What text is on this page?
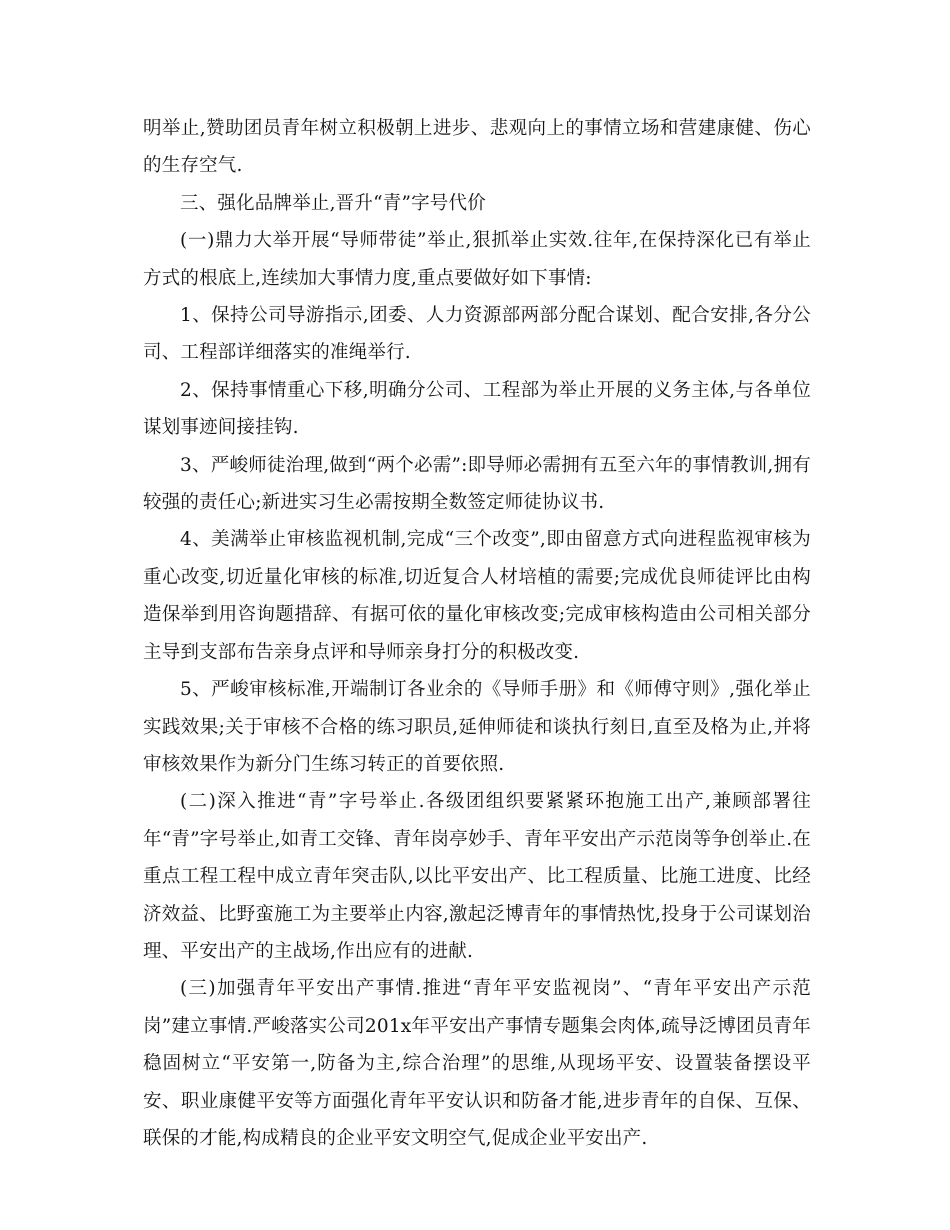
明举止,赞助团员青年树立积极朝上进步、悲观向上的事情立场和营建康健、伤心的生存空气.

三、强化品牌举止,晋升“青”字号代价

(一)鼎力大举开展“导师带徒”举止,狠抓举止实效.往年,在保持深化已有举止方式的根底上,连续加大事情力度,重点要做好如下事情:

1、保持公司导游指示,团委、人力资源部两部分配合谋划、配合安排,各分公司、工程部详细落实的准绳举行.

2、保持事情重心下移,明确分公司、工程部为举止开展的义务主体,与各单位谋划事迹间接挂钩.

3、严峻师徒治理,做到“两个必需”:即导师必需拥有五至六年的事情教训,拥有较强的责任心;新进实习生必需按期全数签定师徒协议书.

4、美满举止审核监视机制,完成“三个改变”,即由留意方式向进程监视审核为重心改变,切近量化审核的标准,切近复合人材培植的需要;完成优良师徒评比由构造保举到用咨询题措辞、有据可依的量化审核改变;完成审核构造由公司相关部分主导到支部布告亲身点评和导师亲身打分的积极改变.

5、严峻审核标准,开端制订各业余的《导师手册》和《师傅守则》,强化举止实践效果;关于审核不合格的练习职员,延伸师徒和谈执行刻日,直至及格为止,并将审核效果作为新分门生练习转正的首要依照.

(二)深入推进“青”字号举止.各级团组织要紧紧环抱施工出产,兼顾部署往年“青”字号举止,如青工交锋、青年岗亭妙手、青年平安出产示范岗等争创举止.在重点工程工程中成立青年突击队,以比平安出产、比工程质量、比施工进度、比经济效益、比野蛮施工为主要举止内容,激起泛博青年的事情热忱,投身于公司谋划治理、平安出产的主战场,作出应有的进献.

(三)加强青年平安出产事情.推进“青年平安监视岗”、“青年平安出产示范岗”建立事情.严峻落实公司201x年平安出产事情专题集会肉体,疏导泛博团员青年稳固树立“平安第一,防备为主,综合治理”的思维,从现场平安、设置装备摆设平安、职业康健平安等方面强化青年平安认识和防备才能,进步青年的自保、互保、联保的才能,构成精良的企业平安文明空气,促成企业平安出产.
